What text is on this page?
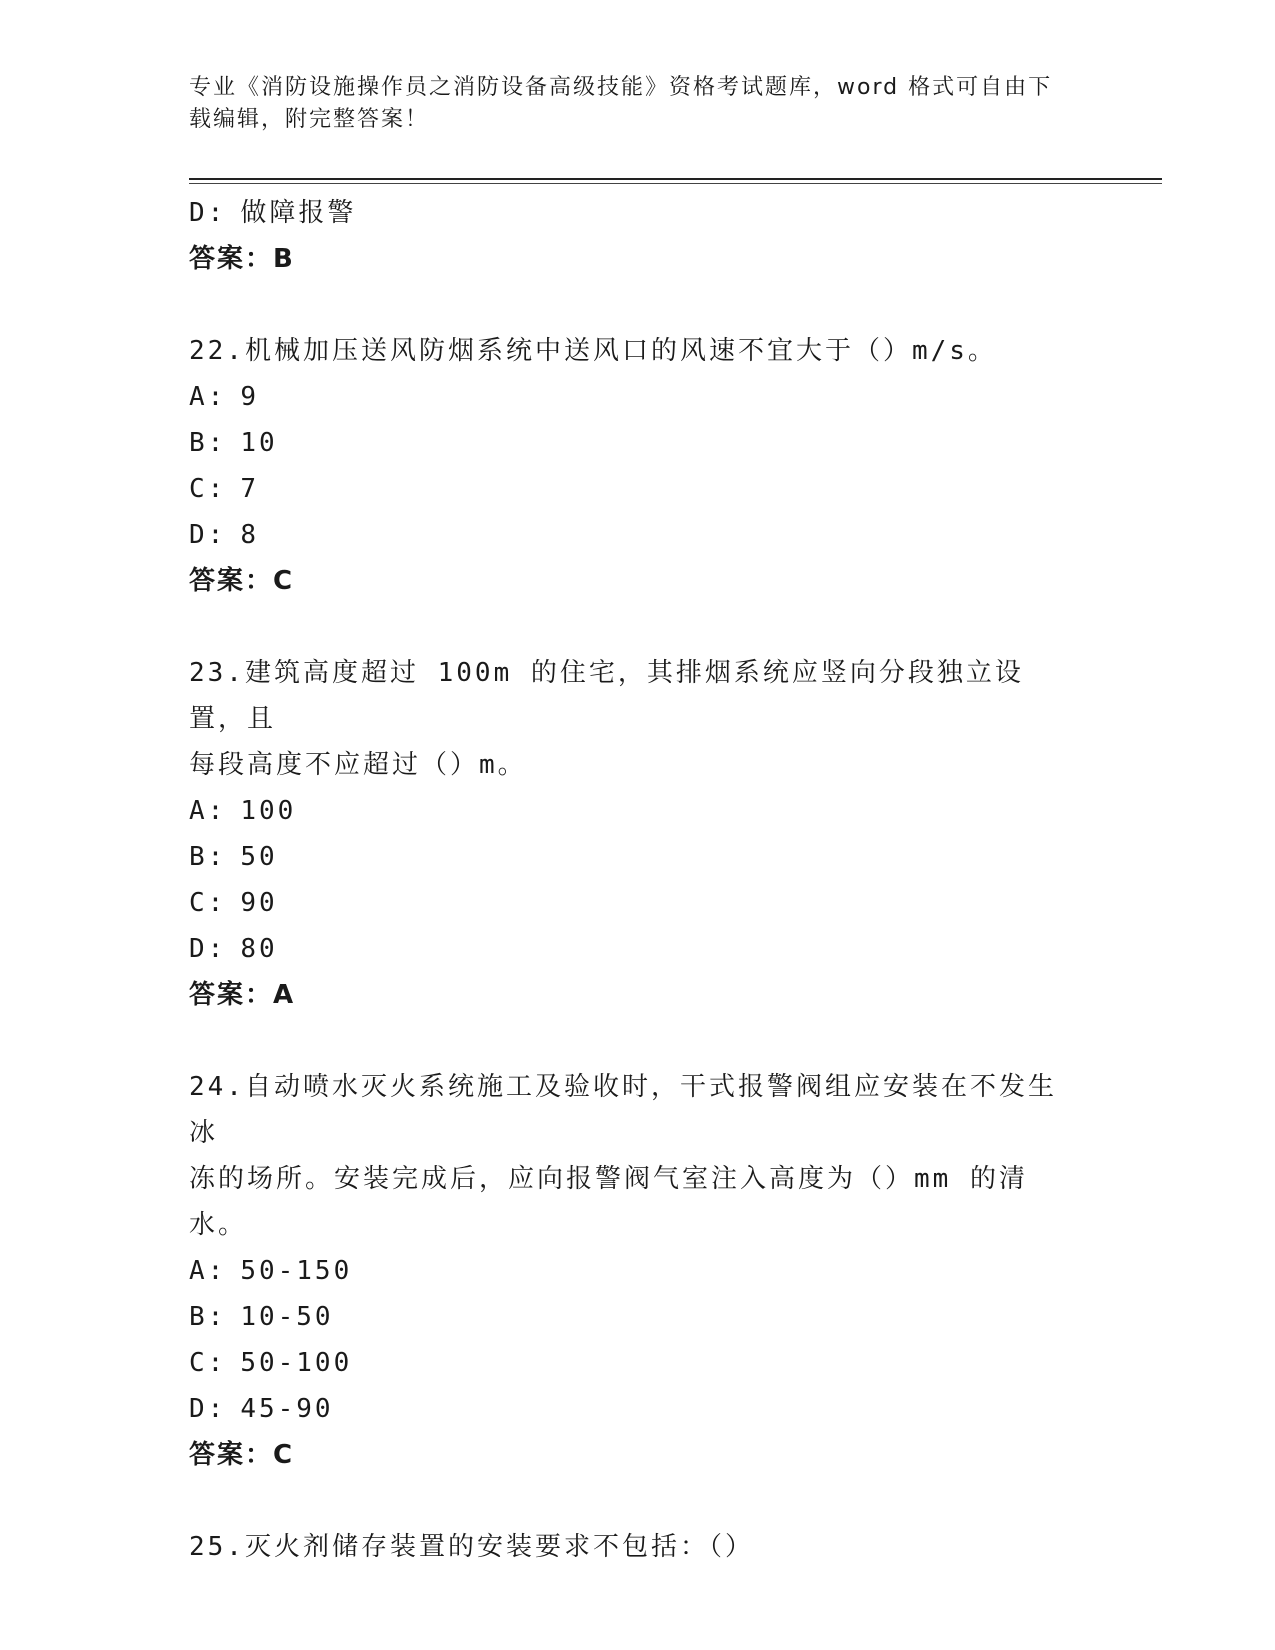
专业《消防设施操作员之消防设备高级技能》资格考试题库，word 格式可自由下
载编辑，附完整答案！
D: 做障报警
答案：B
22.机械加压送风防烟系统中送风口的风速不宜大于（）m/s。
A: 9
B: 10
C: 7
D: 8
答案：C
23.建筑高度超过 100m 的住宅，其排烟系统应竖向分段独立设置，且
每段高度不应超过（）m。
A: 100
B: 50
C: 90
D: 80
答案：A
24.自动喷水灭火系统施工及验收时，干式报警阀组应安装在不发生冰
冻的场所。安装完成后，应向报警阀气室注入高度为（）mm 的清水。
A: 50-150
B: 10-50
C: 50-100
D: 45-90
答案：C
25.灭火剂储存装置的安装要求不包括：（）
